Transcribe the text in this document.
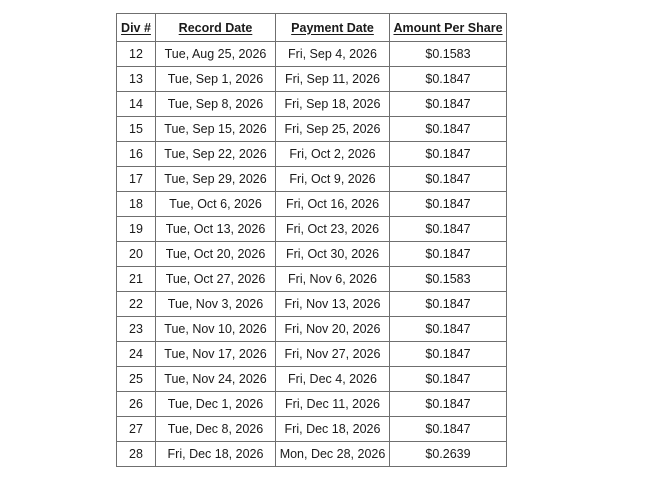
Div #	Record Date	Payment Date	Amount Per Share
12	Tue, Aug 25, 2026	Fri, Sep 4, 2026	$0.1583
13	Tue, Sep 1, 2026	Fri, Sep 11, 2026	$0.1847
14	Tue, Sep 8, 2026	Fri, Sep 18, 2026	$0.1847
15	Tue, Sep 15, 2026	Fri, Sep 25, 2026	$0.1847
16	Tue, Sep 22, 2026	Fri, Oct 2, 2026	$0.1847
17	Tue, Sep 29, 2026	Fri, Oct 9, 2026	$0.1847
18	Tue, Oct 6, 2026	Fri, Oct 16, 2026	$0.1847
19	Tue, Oct 13, 2026	Fri, Oct 23, 2026	$0.1847
20	Tue, Oct 20, 2026	Fri, Oct 30, 2026	$0.1847
21	Tue, Oct 27, 2026	Fri, Nov 6, 2026	$0.1583
22	Tue, Nov 3, 2026	Fri, Nov 13, 2026	$0.1847
23	Tue, Nov 10, 2026	Fri, Nov 20, 2026	$0.1847
24	Tue, Nov 17, 2026	Fri, Nov 27, 2026	$0.1847
25	Tue, Nov 24, 2026	Fri, Dec 4, 2026	$0.1847
26	Tue, Dec 1, 2026	Fri, Dec 11, 2026	$0.1847
27	Tue, Dec 8, 2026	Fri, Dec 18, 2026	$0.1847
28	Fri, Dec 18, 2026	Mon, Dec 28, 2026	$0.2639
